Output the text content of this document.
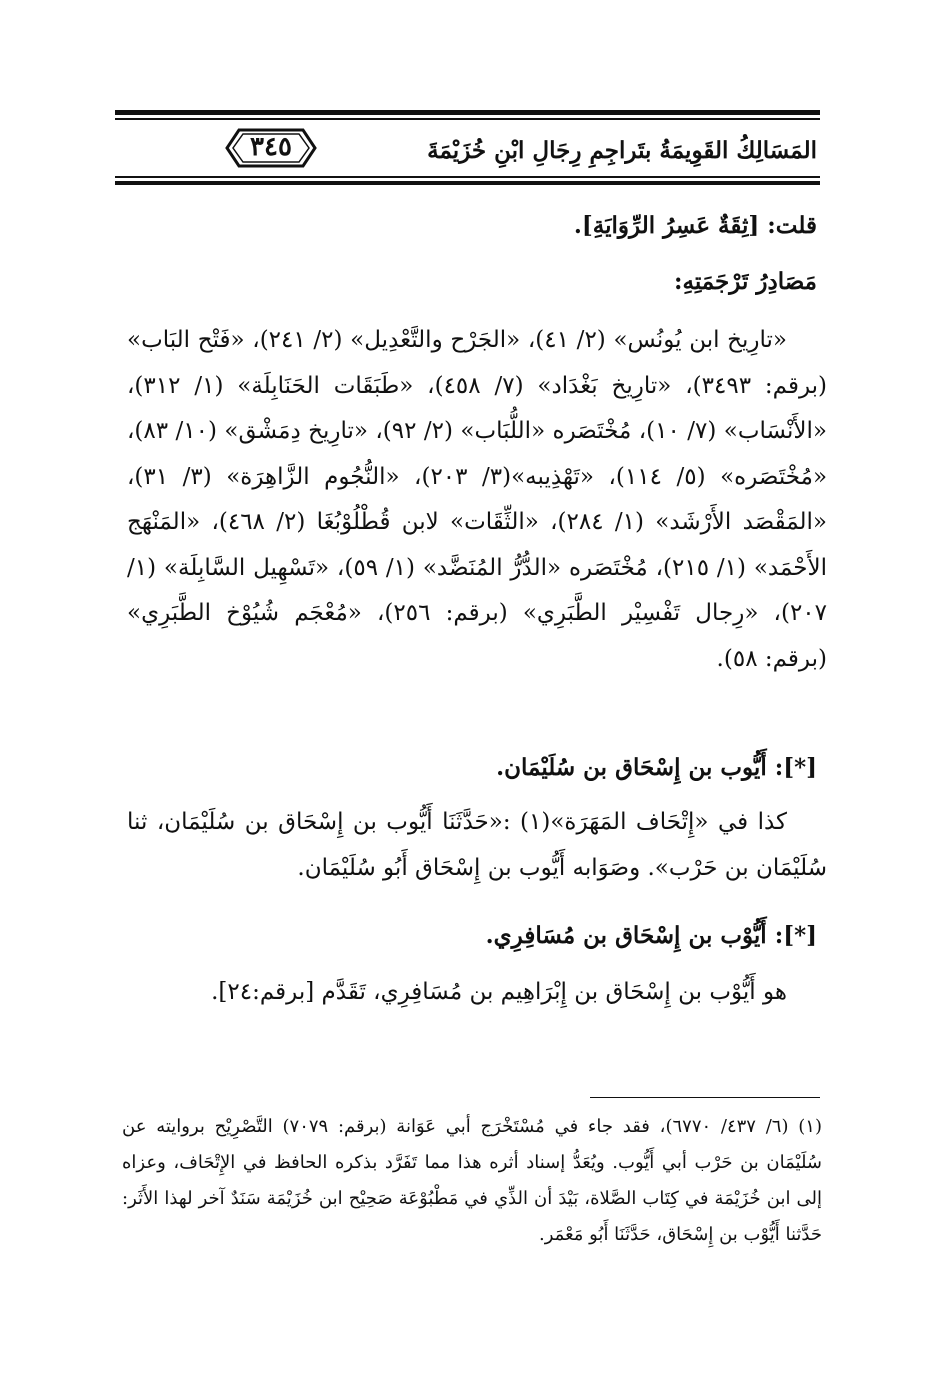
٣٤٥	المَسَالِكُ القَوِيمَةُ بتَراجِمِ رِجَالِ ابْنِ خُزَيْمَةَ
قلت: [ثِقَةٌ عَسِرُ الرِّوَايَةِ].
مَصَادِرُ تَرْجَمَتِهِ:
«تارِيخ ابن يُونُس» (٢/ ٤١)، «الجَرْح والتَّعْدِيل» (٢/ ٢٤١)، «فَتْح البَاب» (برقم: ٣٤٩٣)، «تارِيخ بَغْدَاد» (٧/ ٤٥٨)، «طَبَقَات الحَنَابِلَة» (١/ ٣١٢)، «الأَنْسَاب» (٧/ ١٠)، مُخْتَصَره «اللُّبَاب» (٢/ ٩٢)، «تارِيخ دِمَشْق» (١٠/ ٨٣)، «مُخْتَصَره» (٥/ ١١٤)، «تَهْذِيبه»(٣/ ٢٠٣)، «النُّجُوم الزَّاهِرَة» (٣/ ٣١)، «المَقْصَد الأَرْشَد» (١/ ٢٨٤)، «الثِّقَات» لابن قُطْلُوْبُغَا (٢/ ٤٦٨)، «المَنْهَج الأَحْمَد» (١/ ٢١٥)، مُخْتَصَره «الدُّرُّ المُنَضَّد» (١/ ٥٩)، «تَسْهِيل السَّابِلَة» (١/ ٢٠٧)، «رِجال تَفْسِيْر الطَّبَرِي» (برقم: ٢٥٦)، «مُعْجَم شُيُوْخ الطَّبَرِي» (برقم: ٥٨).
[*]: أَيُّوب بن إِسْحَاق بن سُلَيْمَان.
كذا في «إِتْحَاف المَهَرَة»(١) :«حَدَّثَنَا أَيُّوب بن إِسْحَاق بن سُلَيْمَان، ثنا سُلَيْمَان بن حَرْب». وصَوَابه أَيُّوب بن إِسْحَاق أَبُو سُلَيْمَان.
[*]: أَيُّوْب بن إِسْحَاق بن مُسَافِرِي.
هو أَيُّوْب بن إِسْحَاق بن إِبْرَاهِيم بن مُسَافِرِي، تَقَدَّم [برقم:٢٤].
(١) (٦/ ٤٣٧/ ٦٧٧٠)، فقد جاء في مُسْتَخْرَج أبي عَوَانة (برقم: ٧٠٧٩) التَّصْرِيْح بروايته عن سُلَيْمَان بن حَرْب أبي أَيُّوب. ويُعَدُّ إسناد أثره هذا مما تَفَرَّد بذكره الحافظ في الإِتْحَاف، وعزاه إلى ابن خُزَيْمَة في كِتَاب الصَّلاة، بَيْدَ أن الذِّي في مَطْبُوْعَة صَحِيْح ابن خُزَيْمَة سَنَدٌ آخر لهذا الأَثَر: حَدَّثنا أَيُّوْب بن إِسْحَاق، حَدَّثَنَا أَبُو مَعْمَر.
